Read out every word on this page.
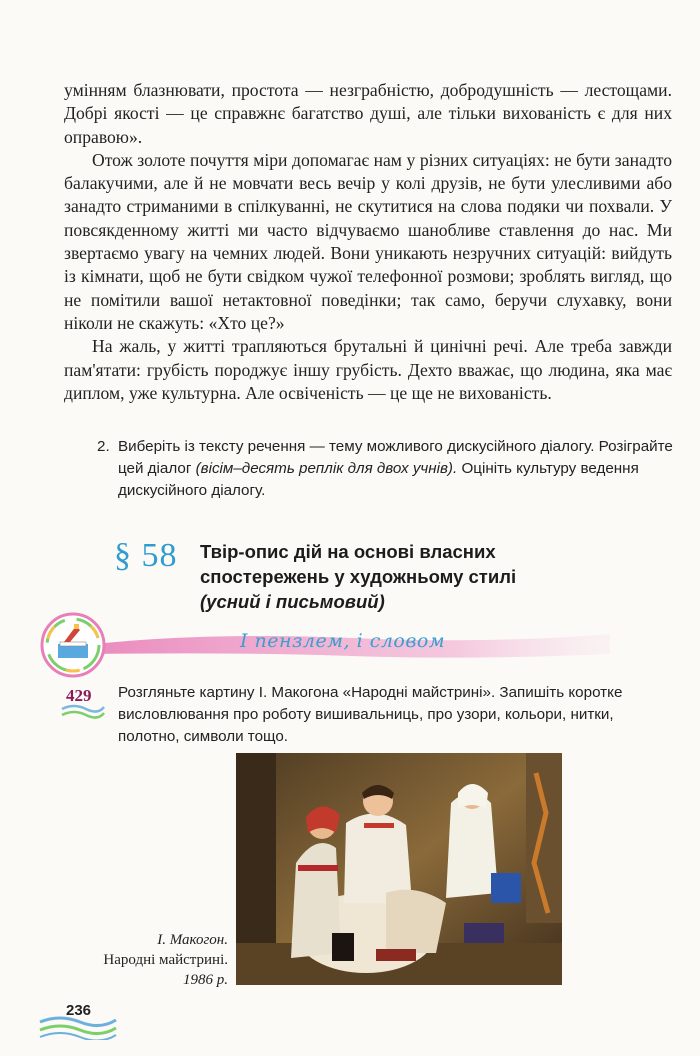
умінням блазнювати, простота — незграбністю, добродушність — лестощами. Добрі якості — це справжнє багатство душі, але тільки вихованість є для них оправою».

Отож золоте почуття міри допомагає нам у різних ситуаціях: не бути занадто балакучими, але й не мовчати весь вечір у колі друзів, не бути улесливими або занадто стриманими в спілкуванні, не скутитися на слова подяки чи похвали. У повсякденному житті ми часто відчуваємо шанобливе ставлення до нас. Ми звертаємо увагу на чемних людей. Вони уникають незручних ситуацій: вийдуть із кімнати, щоб не бути свідком чужої телефонної розмови; зроблять вигляд, що не помітили вашої нетактовної поведінки; так само, беручи слухавку, вони ніколи не скажуть: «Хто це?»

На жаль, у житті трапляються брутальні й цинічні речі. Але треба завжди пам'ятати: грубість породжує іншу грубість. Дехто вважає, що людина, яка має диплом, уже культурна. Але освіченість — це ще не вихованість.

2. Виберіть із тексту речення — тему можливого дискусійного діалогу. Розіграйте цей діалог (вісім–десять реплік для двох учнів). Оцініть культуру ведення дискусійного діалогу.
§ 58 Твір-опис дій на основі власних спостережень у художньому стилі
(усний і письмовий)
І пензлем, і словом
429 Розгляньте картину І. Макогона «Народні майстрині». Запишіть коротке висловлювання про роботу вишивальниць, про узори, кольори, нитки, полотно, символи тощо.
І. Макогон.
Народні майстрині.
1986 р.
236
